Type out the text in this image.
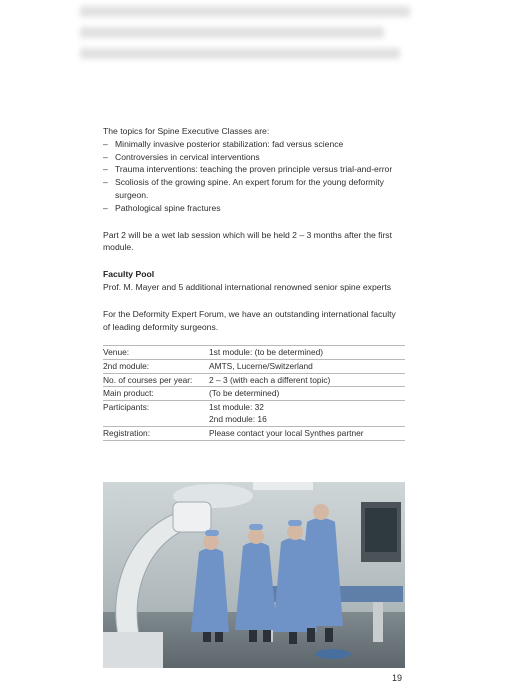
The topics for Spine Executive Classes are:

– Minimally invasive posterior stabilization: fad versus science
– Controversies in cervical interventions
– Trauma interventions: teaching the proven principle versus trial-and-error
– Scoliosis of the growing spine. An expert forum for the young deformity surgeon.
– Pathological spine fractures

Part 2 will be a wet lab session which will be held 2 – 3 months after the first module.

Faculty Pool

Prof. M. Mayer and 5 additional international renowned senior spine experts

For the Deformity Expert Forum, we have an outstanding international faculty of leading deformity surgeons.

Venue:	1st module: (to be determined)
2nd module:	AMTS, Lucerne/Switzerland
No. of courses per year:	2 – 3 (with each a different topic)
Main product:	(To be determined)
Participants:	1st module: 32
2nd module: 16
Registration:	Please contact your local Synthes partner
19
